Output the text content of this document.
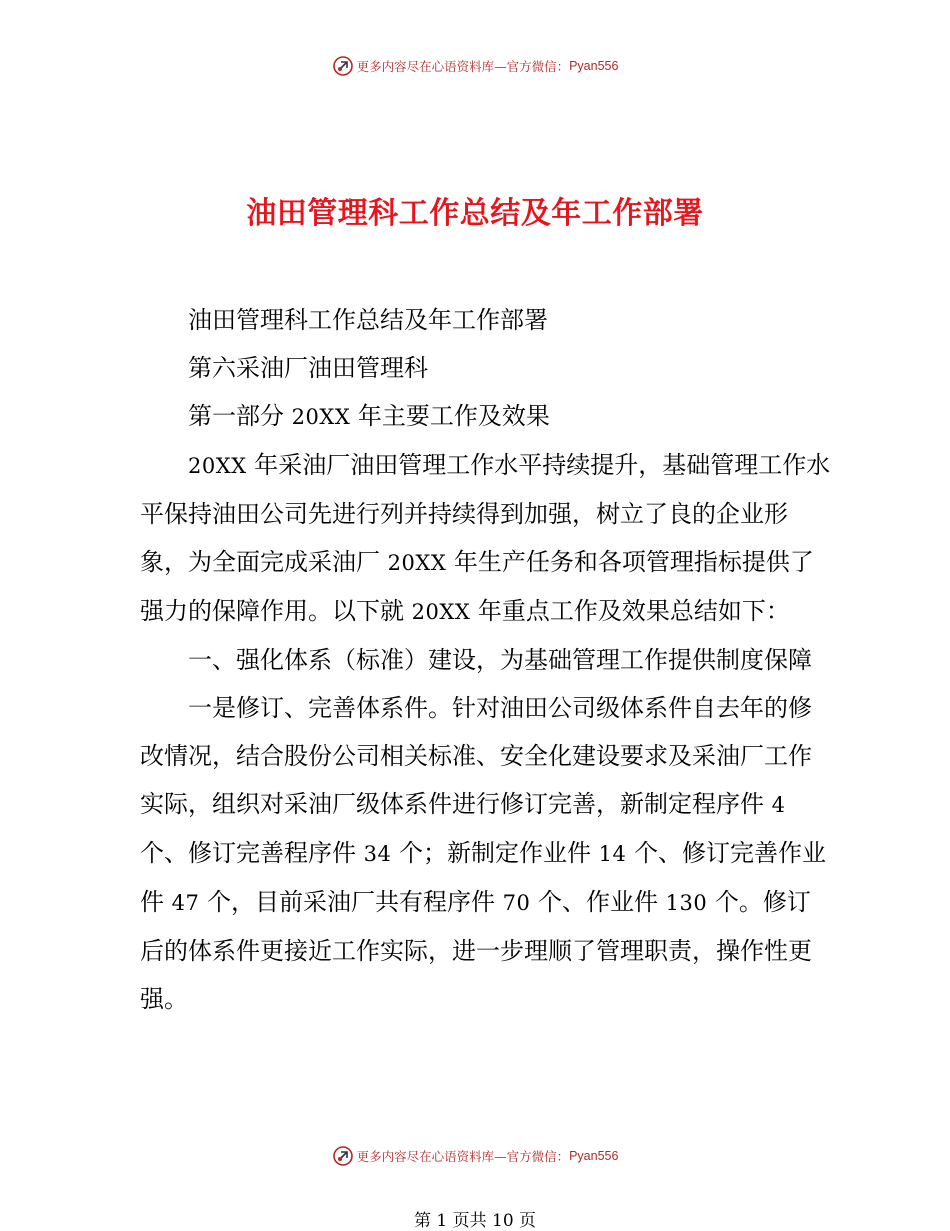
更多内容尽在心语资料库—官方微信： Pyan556
油田管理科工作总结及年工作部署

油田管理科工作总结及年工作部署

第六采油厂油田管理科

第一部分 20XX 年主要工作及效果

20XX 年采油厂油田管理工作水平持续提升，基础管理工作水平保持油田公司先进行列并持续得到加强，树立了良的企业形象，为全面完成采油厂 20XX 年生产任务和各项管理指标提供了强力的保障作用。以下就 20XX 年重点工作及效果总结如下：

一、强化体系（标准）建设，为基础管理工作提供制度保障

一是修订、完善体系件。针对油田公司级体系件自去年的修改情况，结合股份公司相关标准、安全化建设要求及采油厂工作实际，组织对采油厂级体系件进行修订完善，新制定程序件 4 个、修订完善程序件 34 个；新制定作业件 14 个、修订完善作业件 47 个，目前采油厂共有程序件 70 个、作业件 130 个。修订后的体系件更接近工作实际，进一步理顺了管理职责，操作性更强。

更多内容尽在心语资料库—官方微信： Pyan556
第 1 页共 10 页
